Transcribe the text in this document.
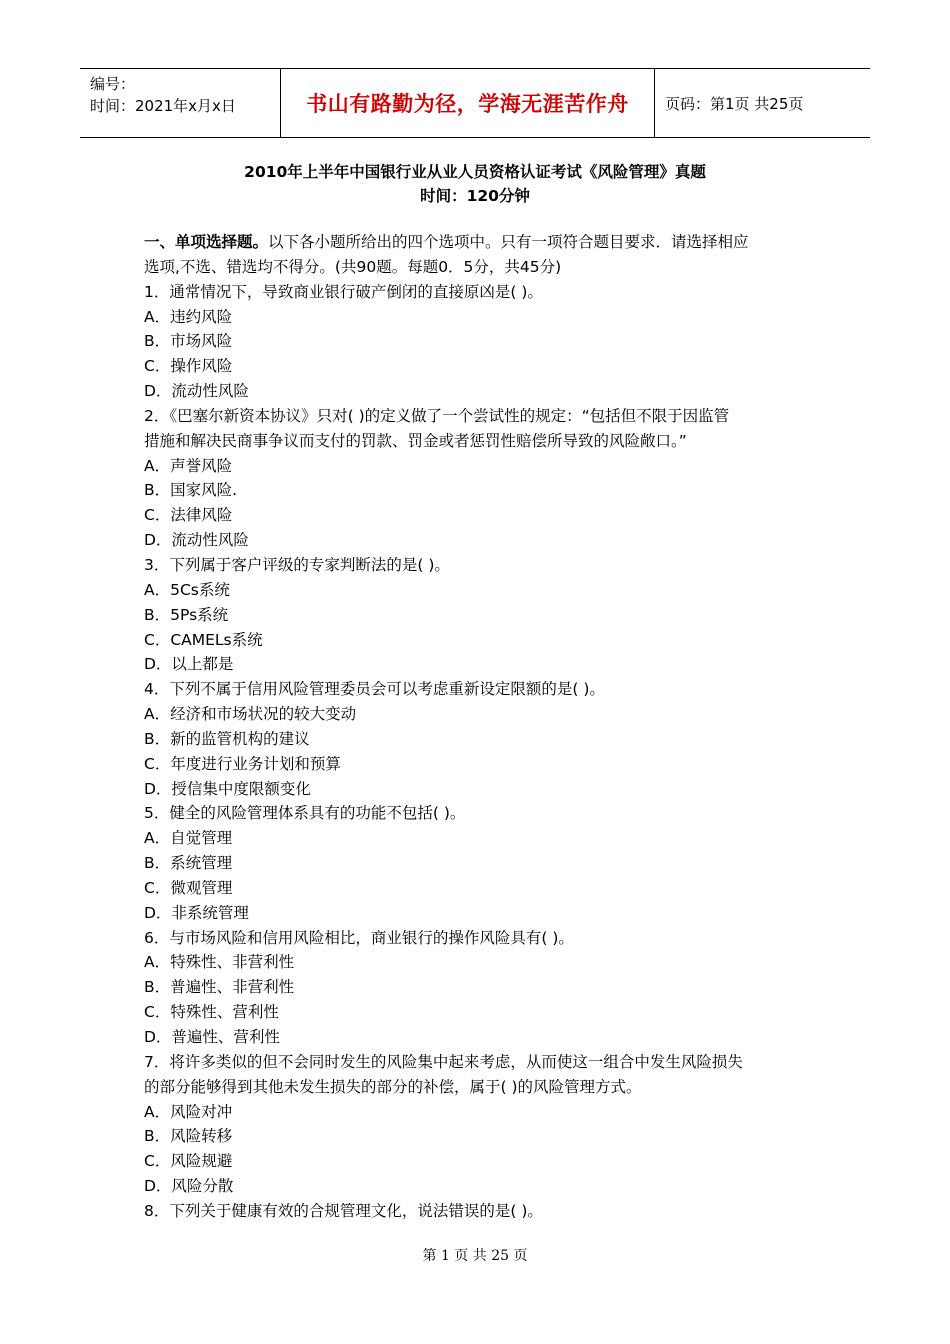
编号：
时间：2021年x月x日	书山有路勤为径，学海无涯苦作舟 页码：第1页 共25页
2010年上半年中国银行业从业人员资格认证考试《风险管理》真题
时间：120分钟

一、单项选择题。以下各小题所给出的四个选项中。只有一项符合题目要求．请选择相应

选项,不选、错选均不得分。(共90题。每题0．5分，共45分)

1．通常情况下，导致商业银行破产倒闭的直接原凶是( )。

A．违约风险

B．市场风险

C．操作风险

D．流动性风险

2．《巴塞尔新资本协议》只对( )的定义做了一个尝试性的规定：“包括但不限于因监管

措施和解决民商事争议而支付的罚款、罚金或者惩罚性赔偿所导致的风险敞口。”

A．声誉风险

B．国家风险.

C．法律风险

D．流动性风险

3．下列属于客户评级的专家判断法的是( )。

A．5Cs系统

B．5Ps系统

C．CAMELs系统

D．以上都是

4．下列不属于信用风险管理委员会可以考虑重新设定限额的是( )。

A．经济和市场状况的较大变动

B．新的监管机构的建议

C．年度进行业务计划和预算

D．授信集中度限额变化

5．健全的风险管理体系具有的功能不包括( )。

A．自觉管理

B．系统管理

C．微观管理

D．非系统管理

6．与市场风险和信用风险相比，商业银行的操作风险具有( )。

A．特殊性、非营利性

B．普遍性、非营利性

C．特殊性、营利性

D．普遍性、营利性

7．将许多类似的但不会同时发生的风险集中起来考虑，从而使这一组合中发生风险损失

的部分能够得到其他未发生损失的部分的补偿，属于( )的风险管理方式。

A．风险对冲

B．风险转移

C．风险规避

D．风险分散

8．下列关于健康有效的合规管理文化，说法错误的是( )。

第 1 页 共 25 页
